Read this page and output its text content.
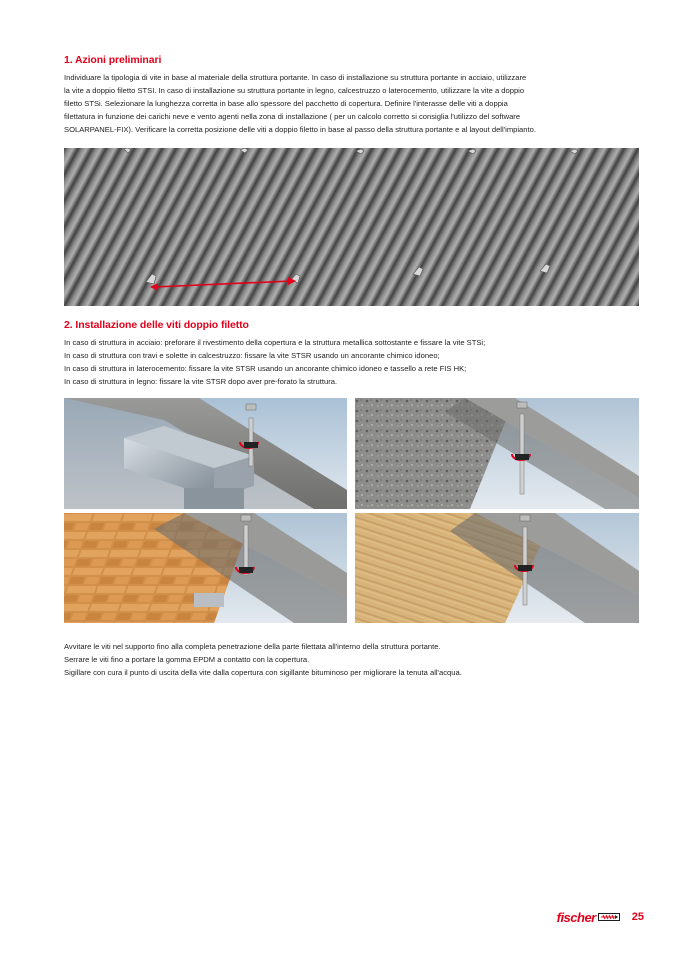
1. Azioni preliminari
Individuare la tipologia di vite in base al materiale della struttura portante. In caso di installazione su struttura portante in acciaio, utilizzare
la vite a doppio filetto STSI. In caso di installazione su struttura portante in legno, calcestruzzo o laterocemento, utilizzare la vite a doppio
filetto STSi. Selezionare la lunghezza corretta in base allo spessore del pacchetto di copertura. Definire l'interasse delle viti a doppia
filettatura in funzione dei carichi neve e vento agenti nella zona di installazione ( per un calcolo corretto si consiglia l'utilizzo del software
SOLARPANEL-FIX). Verificare la corretta posizione delle viti a doppio filetto in base al passo della struttura portante e al layout dell'impianto.
2. Installazione delle viti doppio filetto
In caso di struttura in acciaio: preforare il rivestimento della copertura e la struttura metallica sottostante e fissare la vite STSi;
In caso di struttura con travi e solette in calcestruzzo: fissare la vite STSR usando un ancorante chimico idoneo;
In caso di struttura in laterocemento: fissare la vite STSR usando un ancorante chimico idoneo e tassello a rete FIS HK;
In caso di struttura in legno: fissare la vite STSR dopo aver pre-forato la struttura.
Avvitare le viti nel supporto fino alla completa penetrazione della parte filettata all'interno della struttura portante.
Serrare le viti fino a portare la gomma EPDM a contatto con la copertura.
Sigillare con cura il punto di uscita della vite dalla copertura con sigillante bituminoso per migliorare la tenuta all'acqua.
fischer	25
